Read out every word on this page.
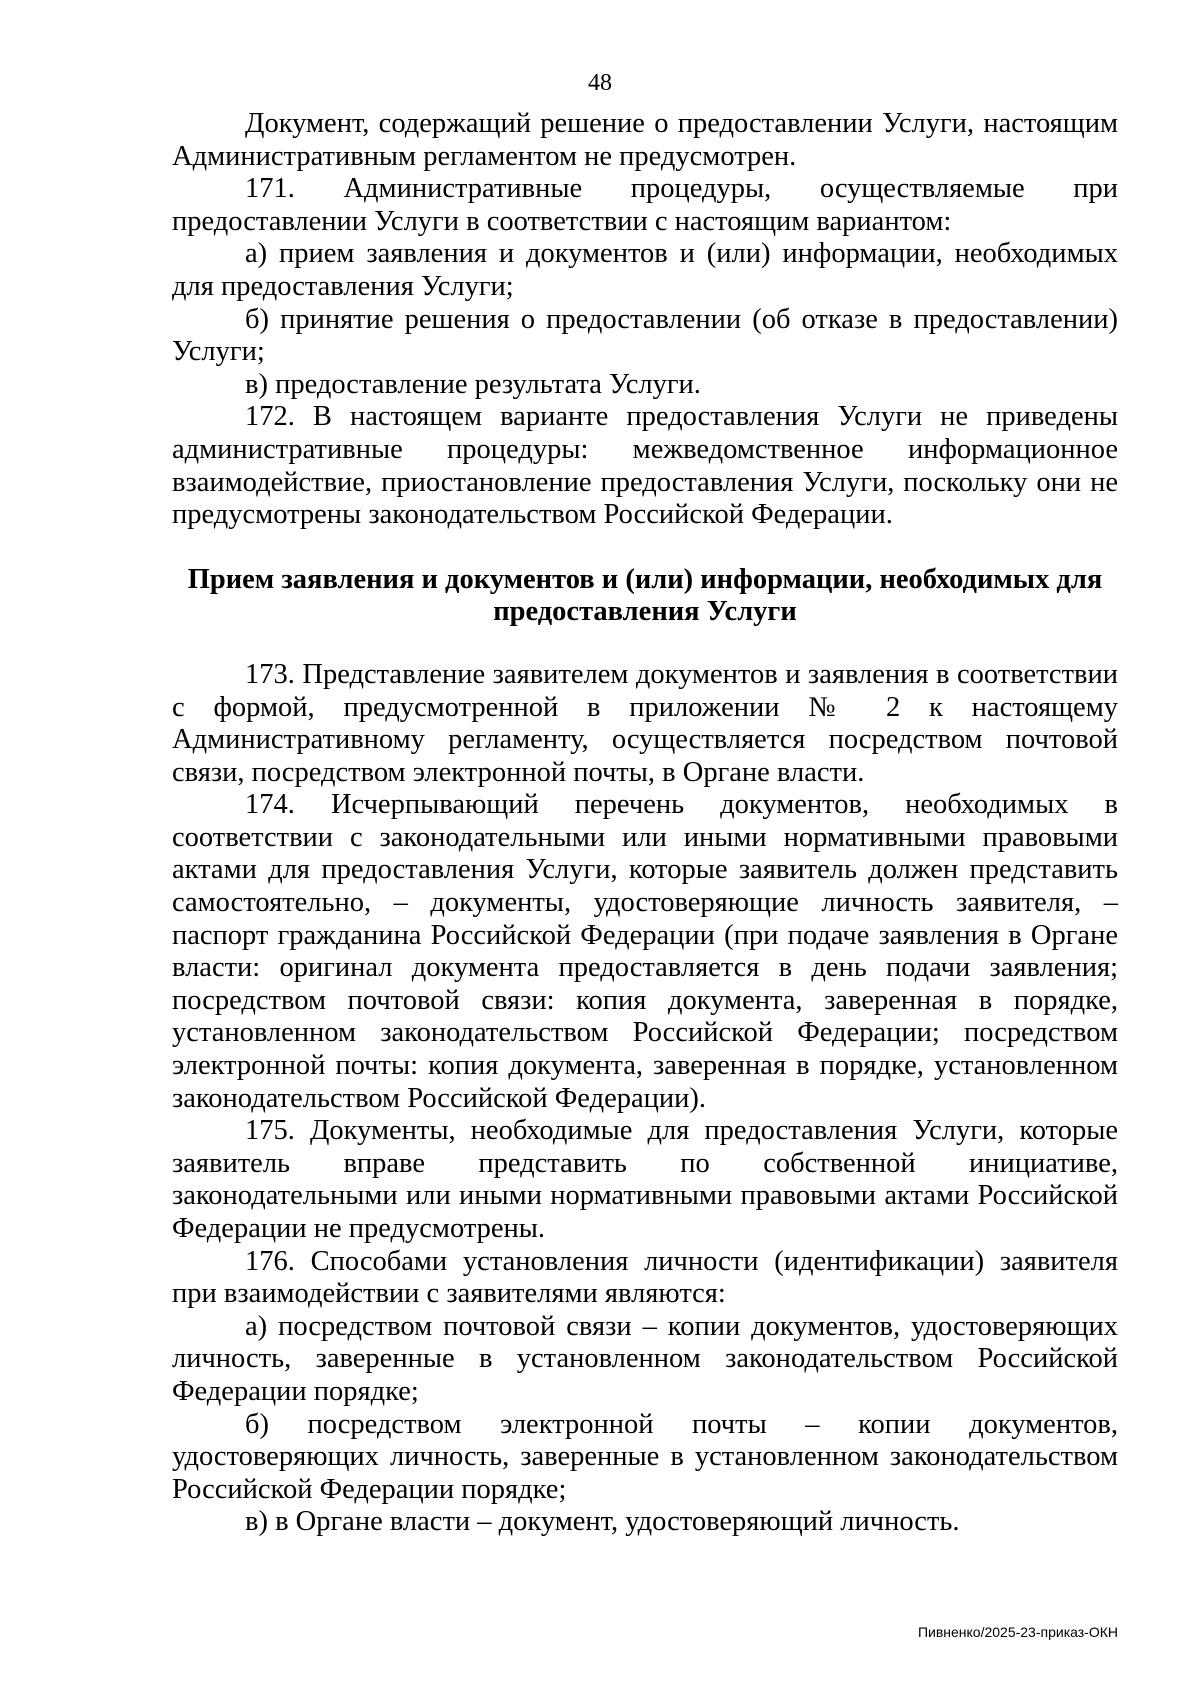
48

Документ, содержащий решение о предоставлении Услуги, настоящим Административным регламентом не предусмотрен.

171. Административные процедуры, осуществляемые при предоставлении Услуги в соответствии с настоящим вариантом:

а) прием заявления и документов и (или) информации, необходимых для предоставления Услуги;

б) принятие решения о предоставлении (об отказе в предоставлении) Услуги;

в) предоставление результата Услуги.

172. В настоящем варианте предоставления Услуги не приведены административные процедуры: межведомственное информационное взаимодействие, приостановление предоставления Услуги, поскольку они не предусмотрены законодательством Российской Федерации.

Прием заявления и документов и (или) информации, необходимых для предоставления Услуги

173. Представление заявителем документов и заявления в соответствии с формой, предусмотренной в приложении № 2 к настоящему Административному регламенту, осуществляется посредством почтовой связи, посредством электронной почты, в Органе власти.

174. Исчерпывающий перечень документов, необходимых в соответствии с законодательными или иными нормативными правовыми актами для предоставления Услуги, которые заявитель должен представить самостоятельно, – документы, удостоверяющие личность заявителя, – паспорт гражданина Российской Федерации (при подаче заявления в Органе власти: оригинал документа предоставляется в день подачи заявления; посредством почтовой связи: копия документа, заверенная в порядке, установленном законодательством Российской Федерации; посредством электронной почты: копия документа, заверенная в порядке, установленном законодательством Российской Федерации).

175. Документы, необходимые для предоставления Услуги, которые заявитель вправе представить по собственной инициативе, законодательными или иными нормативными правовыми актами Российской Федерации не предусмотрены.

176. Способами установления личности (идентификации) заявителя при взаимодействии с заявителями являются:

а) посредством почтовой связи – копии документов, удостоверяющих личность, заверенные в установленном законодательством Российской Федерации порядке;

б) посредством электронной почты – копии документов, удостоверяющих личность, заверенные в установленном законодательством Российской Федерации порядке;

в) в Органе власти – документ, удостоверяющий личность.

Пивненко/2025-23-приказ-ОКН
